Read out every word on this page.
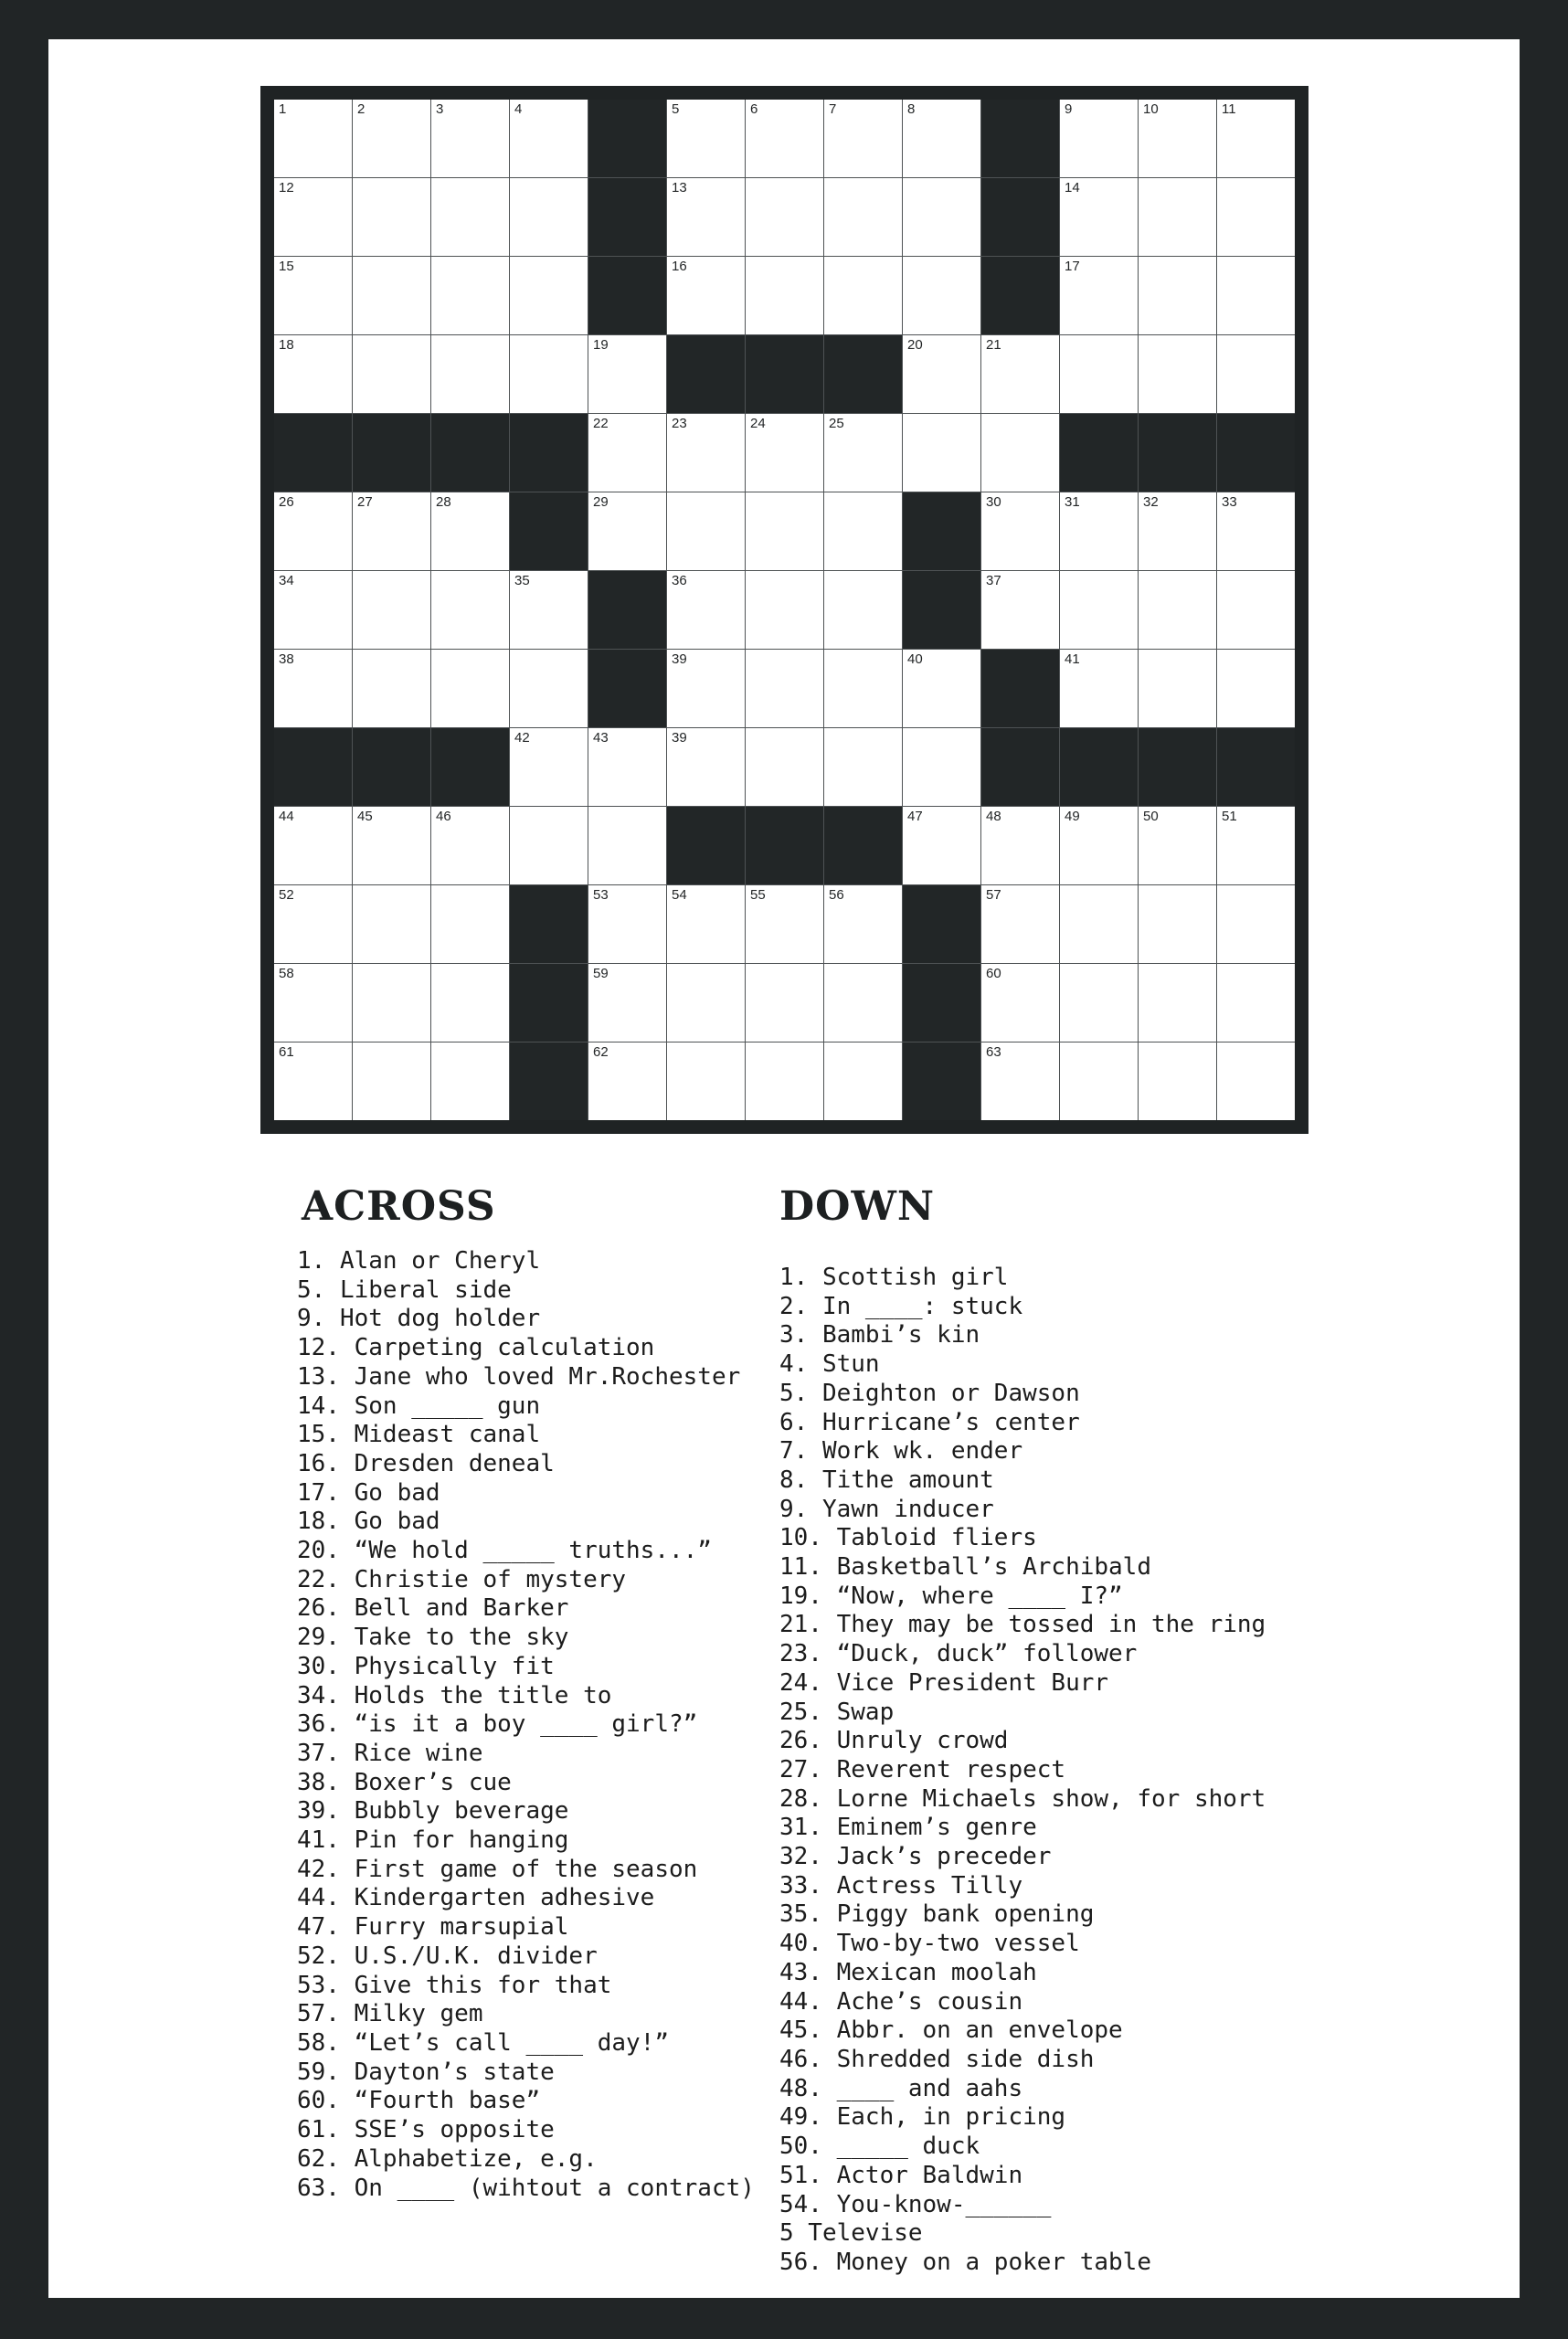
1	2	3	4	5	6	7	8	9	10	11
12	13	14
15	16	17
18	19	20	21
22	23	24	25
26	27	28	29	30	31	32	33
34	35	36	37
38	39	40	41
42	43	39
44	45	46	47	48	49	50	51
52	53	54	55	56	57
58	59	60
61	62	63
ACROSS	DOWN
1. Alan or Cheryl
5. Liberal side
9. Hot dog holder
12. Carpeting calculation
13. Jane who loved Mr.Rochester
14. Son _____ gun
15. Mideast canal
16. Dresden deneal
17. Go bad
18. Go bad
20. “We hold _____ truths...”
22. Christie of mystery
26. Bell and Barker
29. Take to the sky
30. Physically fit
34. Holds the title to
36. “is it a boy ____ girl?”
37. Rice wine
38. Boxer’s cue
39. Bubbly beverage
41. Pin for hanging
42. First game of the season
44. Kindergarten adhesive
47. Furry marsupial
52. U.S./U.K. divider
53. Give this for that
57. Milky gem
58. “Let’s call ____ day!”
59. Dayton’s state
60. “Fourth base”
61. SSE’s opposite
62. Alphabetize, e.g.
63. On ____ (wihtout a contract)
1. Scottish girl
2. In ____: stuck
3. Bambi’s kin
4. Stun
5. Deighton or Dawson
6. Hurricane’s center
7. Work wk. ender
8. Tithe amount
9. Yawn inducer
10. Tabloid fliers
11. Basketball’s Archibald
19. “Now, where ____ I?”
21. They may be tossed in the ring
23. “Duck, duck” follower
24. Vice President Burr
25. Swap
26. Unruly crowd
27. Reverent respect
28. Lorne Michaels show, for short
31. Eminem’s genre
32. Jack’s preceder
33. Actress Tilly
35. Piggy bank opening
40. Two-by-two vessel
43. Mexican moolah
44. Ache’s cousin
45. Abbr. on an envelope
46. Shredded side dish
48. ____ and aahs
49. Each, in pricing
50. _____ duck
51. Actor Baldwin
54. You-know-______
5 Televise
56. Money on a poker table
